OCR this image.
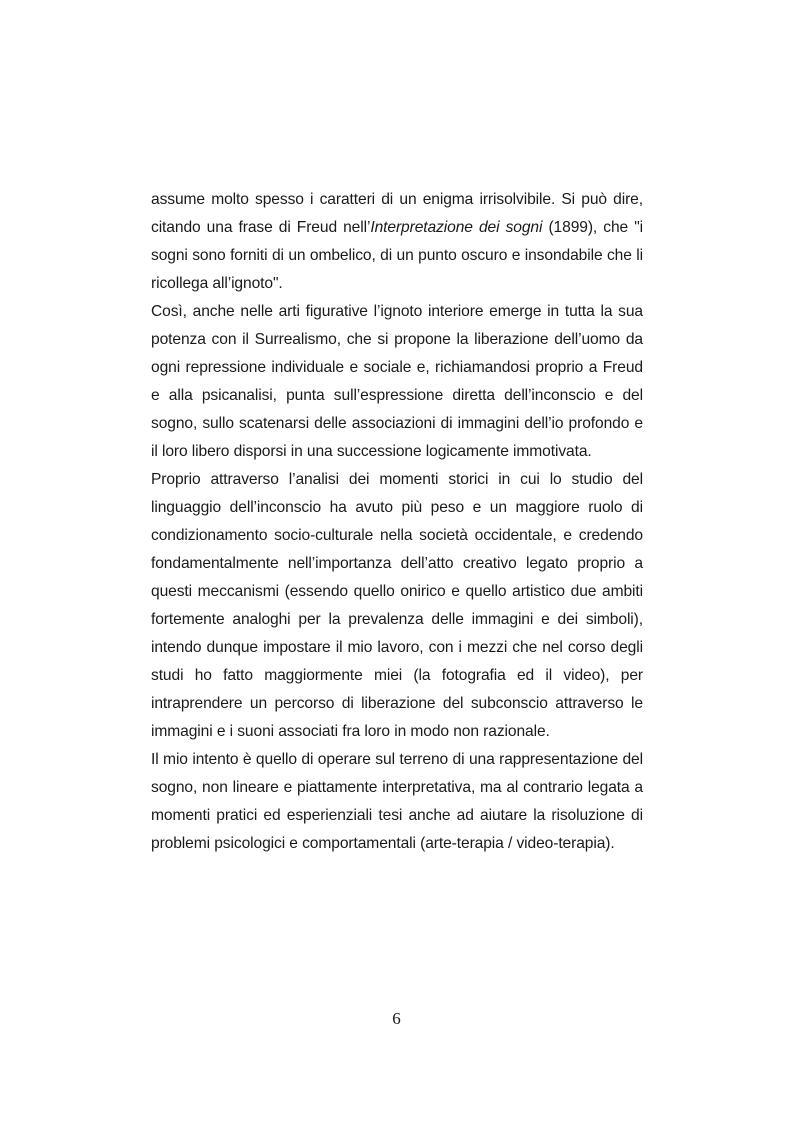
assume molto spesso i caratteri di un enigma irrisolvibile. Si può dire, citando una frase di Freud nell’Interpretazione dei sogni (1899), che "i sogni sono forniti di un ombelico, di un punto oscuro e insondabile che li ricollega all’ignoto".

Così, anche nelle arti figurative l’ignoto interiore emerge in tutta la sua potenza con il Surrealismo, che si propone la liberazione dell’uomo da ogni repressione individuale e sociale e, richiamandosi proprio a Freud e alla psicanalisi, punta sull’espressione diretta dell’inconscio e del sogno, sullo scatenarsi delle associazioni di immagini dell’io profondo e il loro libero disporsi in una successione logicamente immotivata.

Proprio attraverso l’analisi dei momenti storici in cui lo studio del linguaggio dell’inconscio ha avuto più peso e un maggiore ruolo di condizionamento socio-culturale nella società occidentale, e credendo fondamentalmente nell’importanza dell’atto creativo legato proprio a questi meccanismi (essendo quello onirico e quello artistico due ambiti fortemente analoghi per la prevalenza delle immagini e dei simboli), intendo dunque impostare il mio lavoro, con i mezzi che nel corso degli studi ho fatto maggiormente miei (la fotografia ed il video), per intraprendere un percorso di liberazione del subconscio attraverso le immagini e i suoni associati fra loro in modo non razionale.

Il mio intento è quello di operare sul terreno di una rappresentazione del sogno, non lineare e piattamente interpretativa, ma al contrario legata a momenti pratici ed esperienziali tesi anche ad aiutare la risoluzione di problemi psicologici e comportamentali (arte-terapia / video-terapia).

6
